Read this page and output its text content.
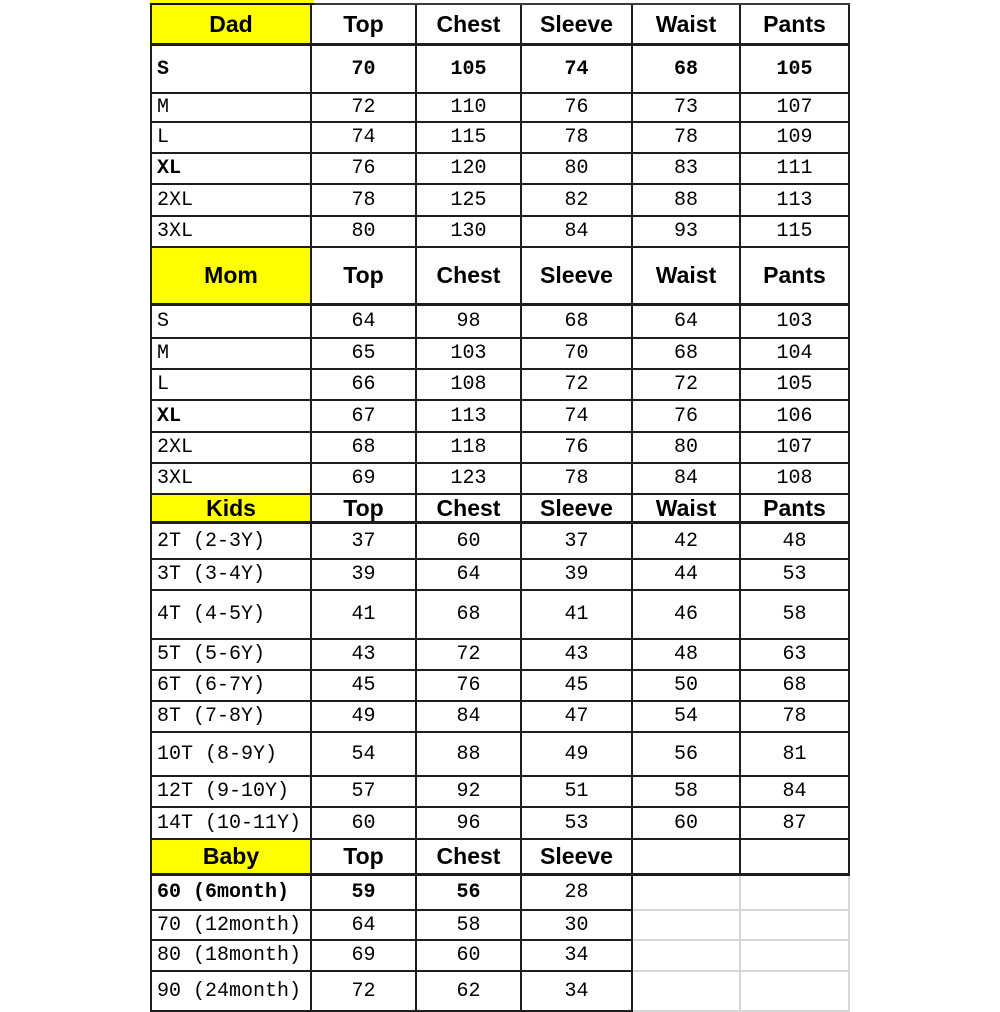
Dad	Top	Chest	Sleeve	Waist	Pants
S	70	105	74	68	105
M	72	110	76	73	107
L	74	115	78	78	109
XL	76	120	80	83	111
2XL	78	125	82	88	113
3XL	80	130	84	93	115
Mom	Top	Chest	Sleeve	Waist	Pants
S	64	98	68	64	103
M	65	103	70	68	104
L	66	108	72	72	105
XL	67	113	74	76	106
2XL	68	118	76	80	107
3XL	69	123	78	84	108
Kids	Top	Chest	Sleeve	Waist	Pants
2T (2-3Y)	37	60	37	42	48
3T (3-4Y)	39	64	39	44	53
4T (4-5Y)	41	68	41	46	58
5T (5-6Y)	43	72	43	48	63
6T (6-7Y)	45	76	45	50	68
8T (7-8Y)	49	84	47	54	78
10T (8-9Y)	54	88	49	56	81
12T (9-10Y)	57	92	51	58	84
14T (10-11Y)	60	96	53	60	87
Baby	Top	Chest	Sleeve
60 (6month)	59	56	28
70 (12month)	64	58	30
80 (18month)	69	60	34
90 (24month)	72	62	34
